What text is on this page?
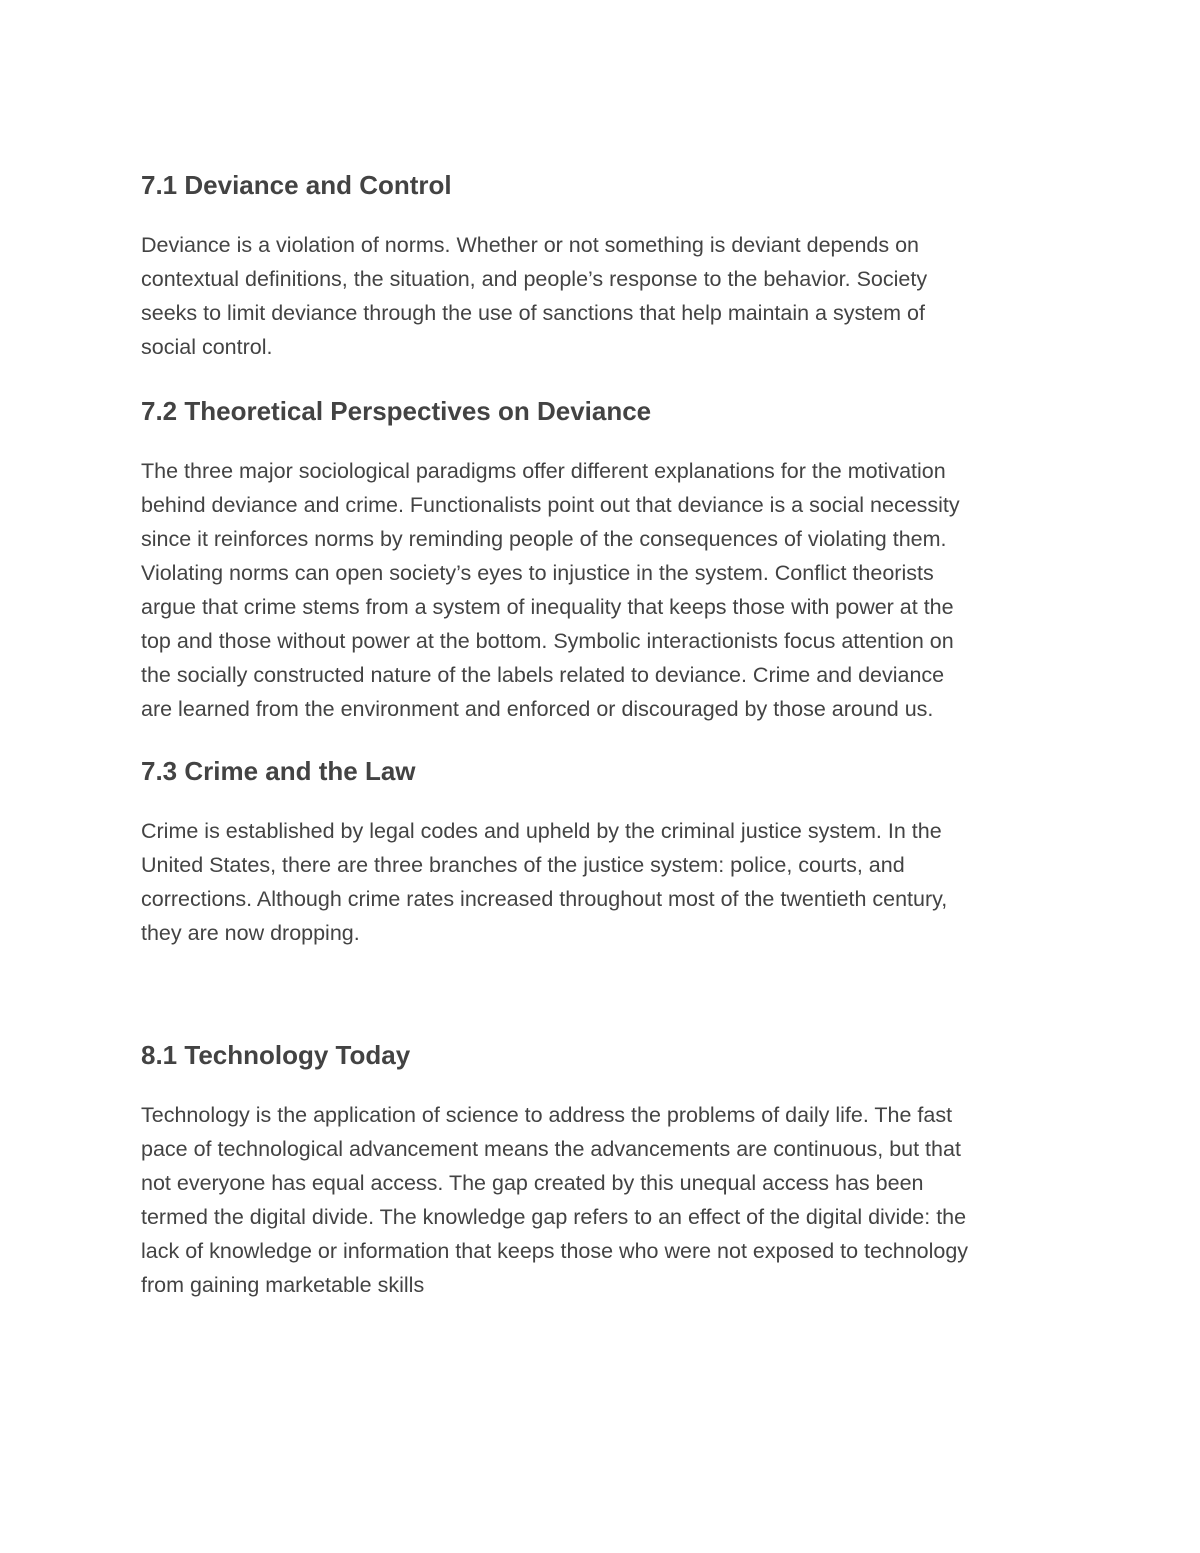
7.1 Deviance and Control

Deviance is a violation of norms. Whether or not something is deviant depends on
contextual definitions, the situation, and people’s response to the behavior. Society
seeks to limit deviance through the use of sanctions that help maintain a system of
social control.

7.2 Theoretical Perspectives on Deviance

The three major sociological paradigms offer different explanations for the motivation
behind deviance and crime. Functionalists point out that deviance is a social necessity
since it reinforces norms by reminding people of the consequences of violating them.
Violating norms can open society’s eyes to injustice in the system. Conflict theorists
argue that crime stems from a system of inequality that keeps those with power at the
top and those without power at the bottom. Symbolic interactionists focus attention on
the socially constructed nature of the labels related to deviance. Crime and deviance
are learned from the environment and enforced or discouraged by those around us.

7.3 Crime and the Law

Crime is established by legal codes and upheld by the criminal justice system. In the
United States, there are three branches of the justice system: police, courts, and
corrections. Although crime rates increased throughout most of the twentieth century,
they are now dropping.

8.1 Technology Today

Technology is the application of science to address the problems of daily life. The fast
pace of technological advancement means the advancements are continuous, but that
not everyone has equal access. The gap created by this unequal access has been
termed the digital divide. The knowledge gap refers to an effect of the digital divide: the
lack of knowledge or information that keeps those who were not exposed to technology
from gaining marketable skills
